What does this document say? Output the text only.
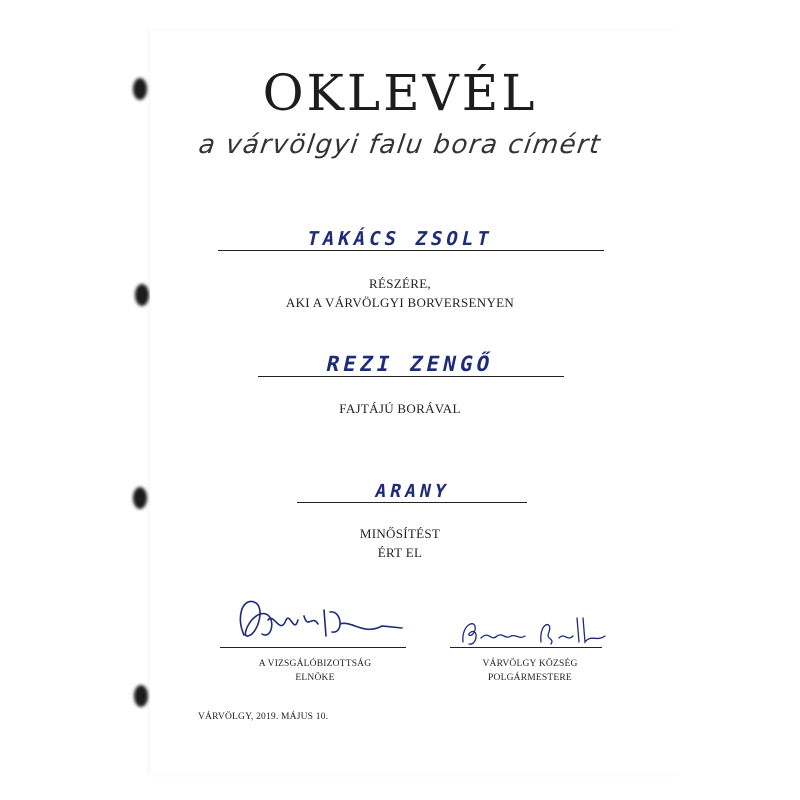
OKLEVÉL
a várvölgyi falu bora címért
TAKÁCS ZSOLT
RÉSZÉRE,
AKI A VÁRVÖLGYI BORVERSENYEN
REZI ZENGŐ
FAJTÁJÚ BORÁVAL
ARANY
MINŐSÍTÉST
ÉRT EL
A VIZSGÁLÓBIZOTTSÁG
ELNÖKE
VÁRVÖLGY KÖZSÉG
POLGÁRMESTERE
VÁRVÖLGY, 2019. MÁJUS 10.
